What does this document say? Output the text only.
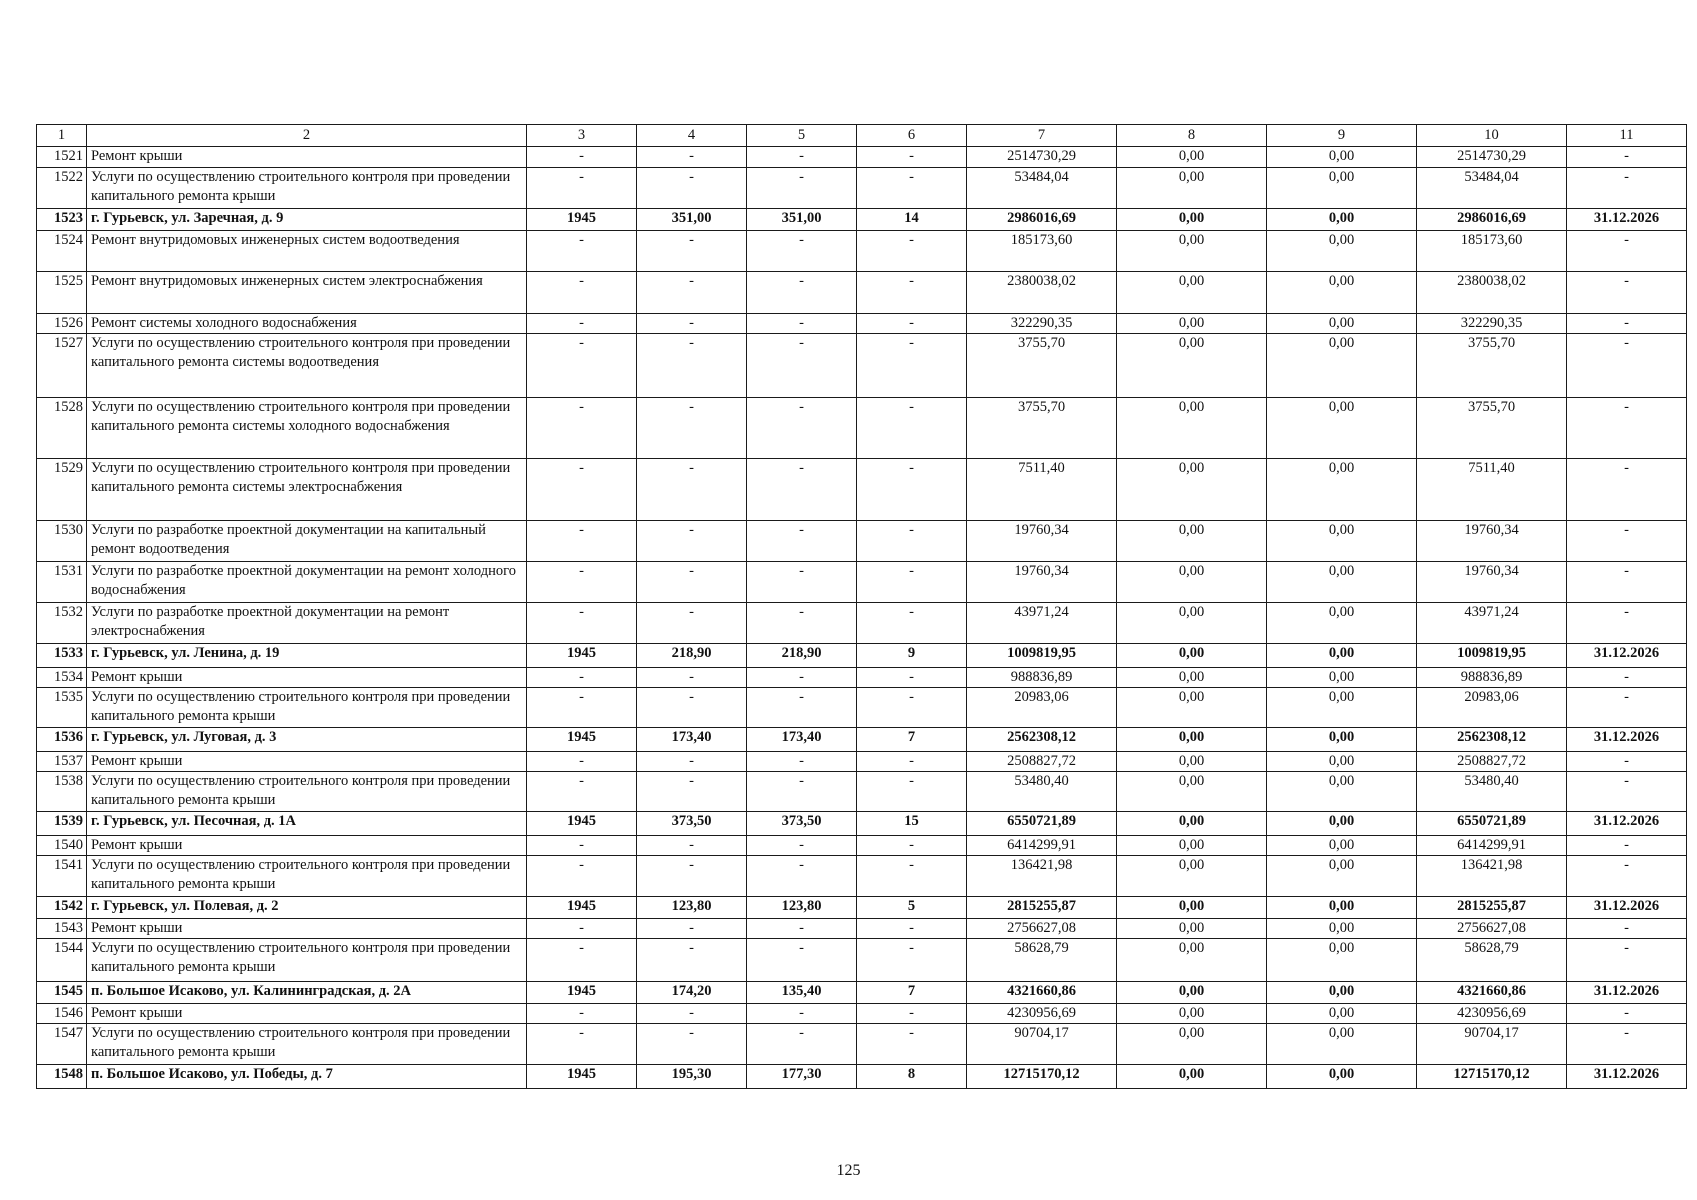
1	2	3	4	5	6	7	8	9	10	11
1521	Ремонт крыши	-	-	-	-	2514730,29	0,00	0,00	2514730,29	-
1522	Услуги по осуществлению строительного контроля при проведении капитального ремонта крыши	-	-	-	-	53484,04	0,00	0,00	53484,04	-
1523	г. Гурьевск, ул. Заречная, д. 9	1945	351,00	351,00	14	2986016,69	0,00	0,00	2986016,69	31.12.2026
1524	Ремонт внутридомовых инженерных систем водоотведения	-	-	-	-	185173,60	0,00	0,00	185173,60	-
1525	Ремонт внутридомовых инженерных систем электроснабжения	-	-	-	-	2380038,02	0,00	0,00	2380038,02	-
1526	Ремонт системы холодного водоснабжения	-	-	-	-	322290,35	0,00	0,00	322290,35	-
1527	Услуги по осуществлению строительного контроля при проведении капитального ремонта системы водоотведения	-	-	-	-	3755,70	0,00	0,00	3755,70	-
1528	Услуги по осуществлению строительного контроля при проведении капитального ремонта системы холодного водоснабжения	-	-	-	-	3755,70	0,00	0,00	3755,70	-
1529	Услуги по осуществлению строительного контроля при проведении капитального ремонта системы электроснабжения	-	-	-	-	7511,40	0,00	0,00	7511,40	-
1530	Услуги по разработке проектной документации на капитальный ремонт водоотведения	-	-	-	-	19760,34	0,00	0,00	19760,34	-
1531	Услуги по разработке проектной документации на ремонт холодного водоснабжения	-	-	-	-	19760,34	0,00	0,00	19760,34	-
1532	Услуги по разработке проектной документации на ремонт электроснабжения	-	-	-	-	43971,24	0,00	0,00	43971,24	-
1533	г. Гурьевск, ул. Ленина, д. 19	1945	218,90	218,90	9	1009819,95	0,00	0,00	1009819,95	31.12.2026
1534	Ремонт крыши	-	-	-	-	988836,89	0,00	0,00	988836,89	-
1535	Услуги по осуществлению строительного контроля при проведении капитального ремонта крыши	-	-	-	-	20983,06	0,00	0,00	20983,06	-
1536	г. Гурьевск, ул. Луговая, д. 3	1945	173,40	173,40	7	2562308,12	0,00	0,00	2562308,12	31.12.2026
1537	Ремонт крыши	-	-	-	-	2508827,72	0,00	0,00	2508827,72	-
1538	Услуги по осуществлению строительного контроля при проведении капитального ремонта крыши	-	-	-	-	53480,40	0,00	0,00	53480,40	-
1539	г. Гурьевск, ул. Песочная, д. 1А	1945	373,50	373,50	15	6550721,89	0,00	0,00	6550721,89	31.12.2026
1540	Ремонт крыши	-	-	-	-	6414299,91	0,00	0,00	6414299,91	-
1541	Услуги по осуществлению строительного контроля при проведении капитального ремонта крыши	-	-	-	-	136421,98	0,00	0,00	136421,98	-
1542	г. Гурьевск, ул. Полевая, д. 2	1945	123,80	123,80	5	2815255,87	0,00	0,00	2815255,87	31.12.2026
1543	Ремонт крыши	-	-	-	-	2756627,08	0,00	0,00	2756627,08	-
1544	Услуги по осуществлению строительного контроля при проведении капитального ремонта крыши	-	-	-	-	58628,79	0,00	0,00	58628,79	-
1545	п. Большое Исаково, ул. Калининградская, д. 2А	1945	174,20	135,40	7	4321660,86	0,00	0,00	4321660,86	31.12.2026
1546	Ремонт крыши	-	-	-	-	4230956,69	0,00	0,00	4230956,69	-
1547	Услуги по осуществлению строительного контроля при проведении капитального ремонта крыши	-	-	-	-	90704,17	0,00	0,00	90704,17	-
1548	п. Большое Исаково, ул. Победы, д. 7	1945	195,30	177,30	8	12715170,12	0,00	0,00	12715170,12	31.12.2026
125
